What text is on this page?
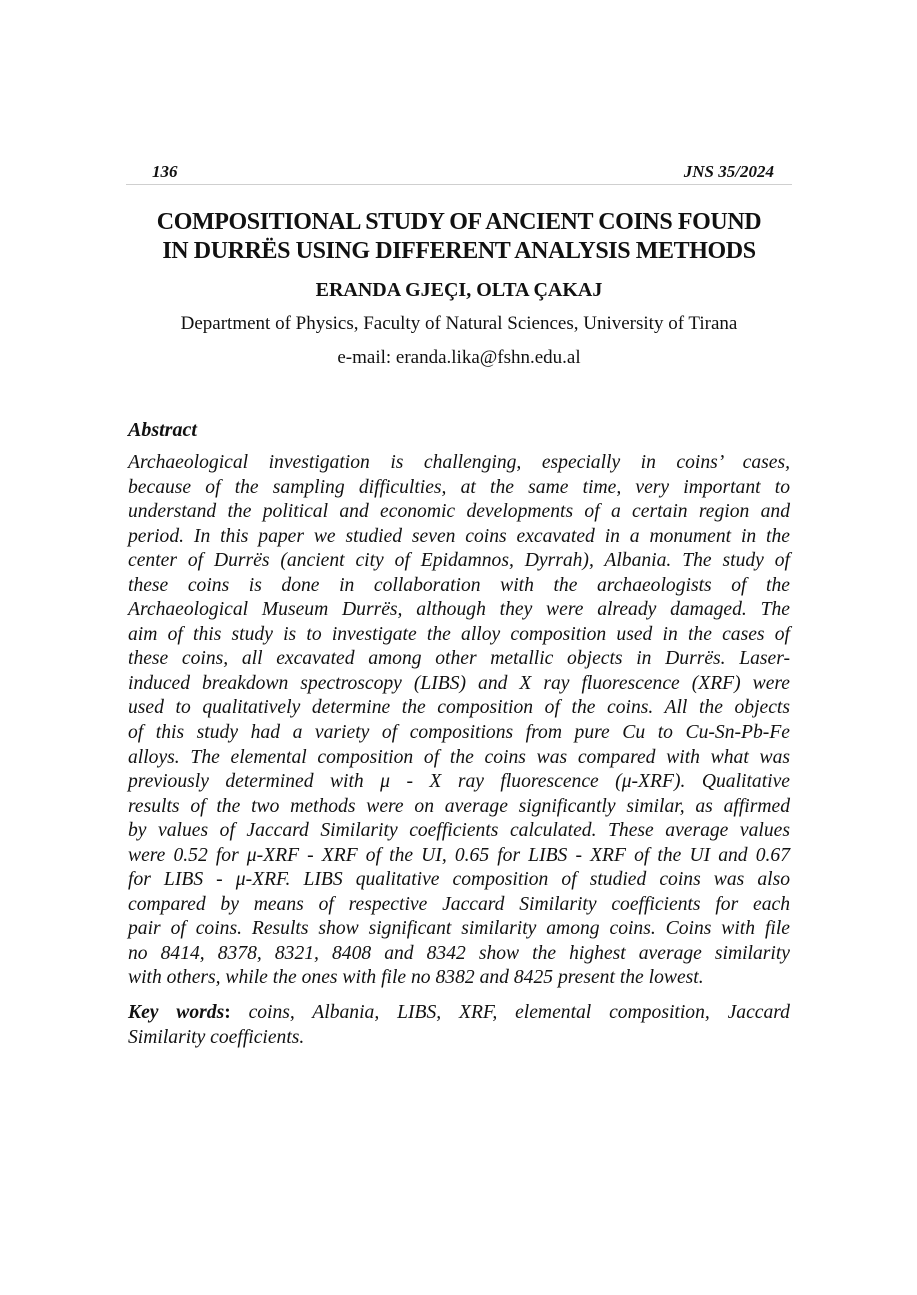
136	JNS 35/2024
COMPOSITIONAL STUDY OF ANCIENT COINS FOUND
IN DURRËS USING DIFFERENT ANALYSIS METHODS
ERANDA GJEÇI, OLTA ÇAKAJ
Department of Physics, Faculty of Natural Sciences, University of Tirana
e-mail: eranda.lika@fshn.edu.al
Abstract
Archaeological investigation is challenging, especially in coins’ cases,
because of the sampling difficulties, at the same time, very important to
understand the political and economic developments of a certain region and
period. In this paper we studied seven coins excavated in a monument in the
center of Durrës (ancient city of Epidamnos, Dyrrah), Albania. The study of
these coins is done in collaboration with the archaeologists of the
Archaeological Museum Durrës, although they were already damaged. The
aim of this study is to investigate the alloy composition used in the cases of
these coins, all excavated among other metallic objects in Durrës. Laser-
induced breakdown spectroscopy (LIBS) and X ray fluorescence (XRF) were
used to qualitatively determine the composition of the coins. All the objects
of this study had a variety of compositions from pure Cu to Cu-Sn-Pb-Fe
alloys. The elemental composition of the coins was compared with what was
previously determined with μ - X ray fluorescence (μ-XRF). Qualitative
results of the two methods were on average significantly similar, as affirmed
by values of Jaccard Similarity coefficients calculated. These average values
were 0.52 for μ-XRF - XRF of the UI, 0.65 for LIBS - XRF of the UI and 0.67
for LIBS - μ-XRF. LIBS qualitative composition of studied coins was also
compared by means of respective Jaccard Similarity coefficients for each
pair of coins. Results show significant similarity among coins. Coins with file
no 8414, 8378, 8321, 8408 and 8342 show the highest average similarity
with others, while the ones with file no 8382 and 8425 present the lowest.
Key words: coins, Albania, LIBS, XRF, elemental composition, Jaccard
Similarity coefficients.
